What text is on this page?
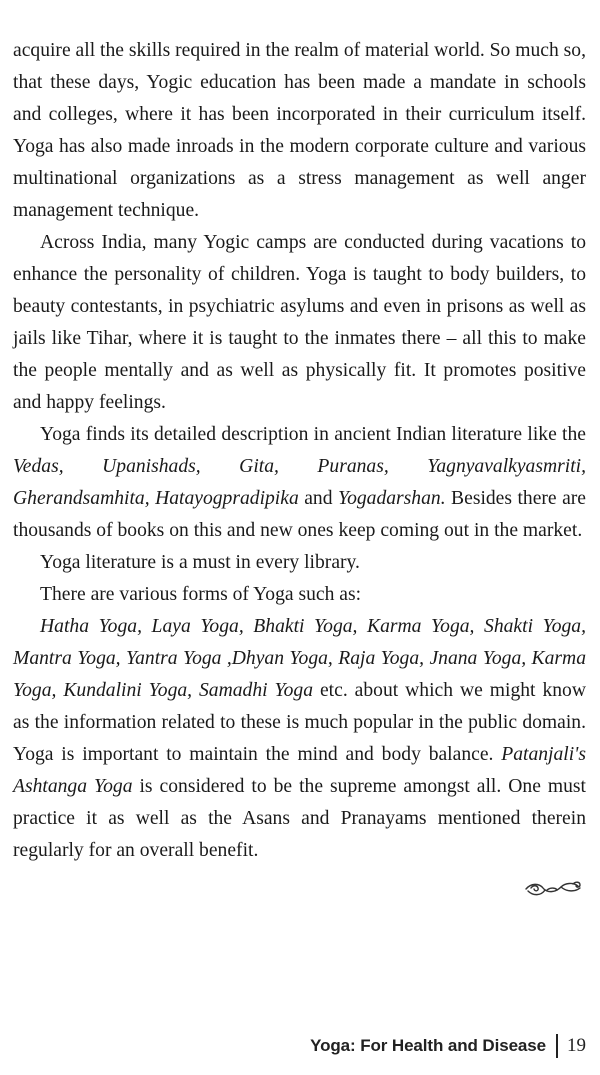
acquire all the skills required in the realm of material world. So much so, that these days, Yogic education has been made a mandate in schools and colleges, where it has been incorporated in their curriculum itself. Yoga has also made inroads in the modern corporate culture and various multinational organizations as a stress management as well anger management technique.

Across India, many Yogic camps are conducted during vacations to enhance the personality of children. Yoga is taught to body builders, to beauty contestants, in psychiatric asylums and even in prisons as well as jails like Tihar, where it is taught to the inmates there – all this to make the people mentally and as well as physically fit. It promotes positive and happy feelings.

Yoga finds its detailed description in ancient Indian literature like the Vedas, Upanishads, Gita, Puranas, Yagnyavalkyasmriti, Gherandsamhita, Hatayogpradipika and Yogadarshan. Besides there are thousands of books on this and new ones keep coming out in the market.

Yoga literature is a must in every library.

There are various forms of Yoga such as:

Hatha Yoga, Laya Yoga, Bhakti Yoga, Karma Yoga, Shakti Yoga, Mantra Yoga, Yantra Yoga ,Dhyan Yoga, Raja Yoga, Jnana Yoga, Karma Yoga, Kundalini Yoga, Samadhi Yoga etc. about which we might know as the information related to these is much popular in the public domain. Yoga is important to maintain the mind and body balance. Patanjali's Ashtanga Yoga is considered to be the supreme amongst all. One must practice it as well as the Asans and Pranayams mentioned therein regularly for an overall benefit.

Yoga: For Health and Disease 19
